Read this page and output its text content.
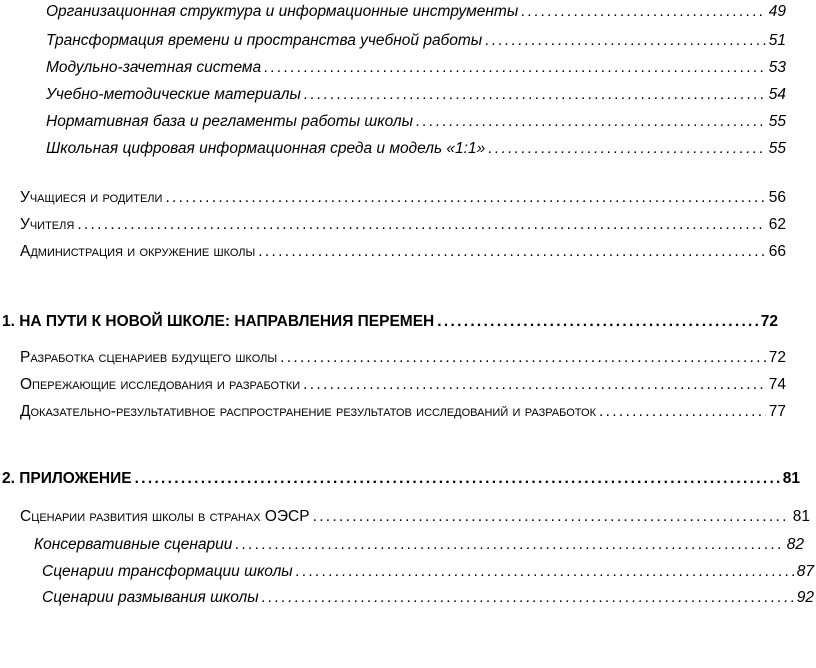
Организационная структура и информационные инструменты . . .	49
Трансформация времени и пространства учебной работы . . .	51
Модульно-зачетная система . . .	53
Учебно-методические материалы . . .	54
Нормативная база и регламенты работы школы . . .	55
Школьная цифровая информационная среда и модель «1:1» . . .	55
Учащиеся и родители . . .	56
Учителя . . .	62
Администрация и окружение школы . . .	66
1. НА ПУТИ К НОВОЙ ШКОЛЕ: НАПРАВЛЕНИЯ ПЕРЕМЕН . . .	72
Разработка сценариев будущего школы . . .	72
Опережающие исследования и разработки . . .	74
Доказательно-результативное распространение результатов исследований и разработок . . .	77
2. ПРИЛОЖЕНИЕ . . .	81
Сценарии развития школы в странах ОЭСР . . .	81
Консервативные сценарии . . .	82
Сценарии трансформации школы . . .	87
Сценарии размывания школы . . .	92
